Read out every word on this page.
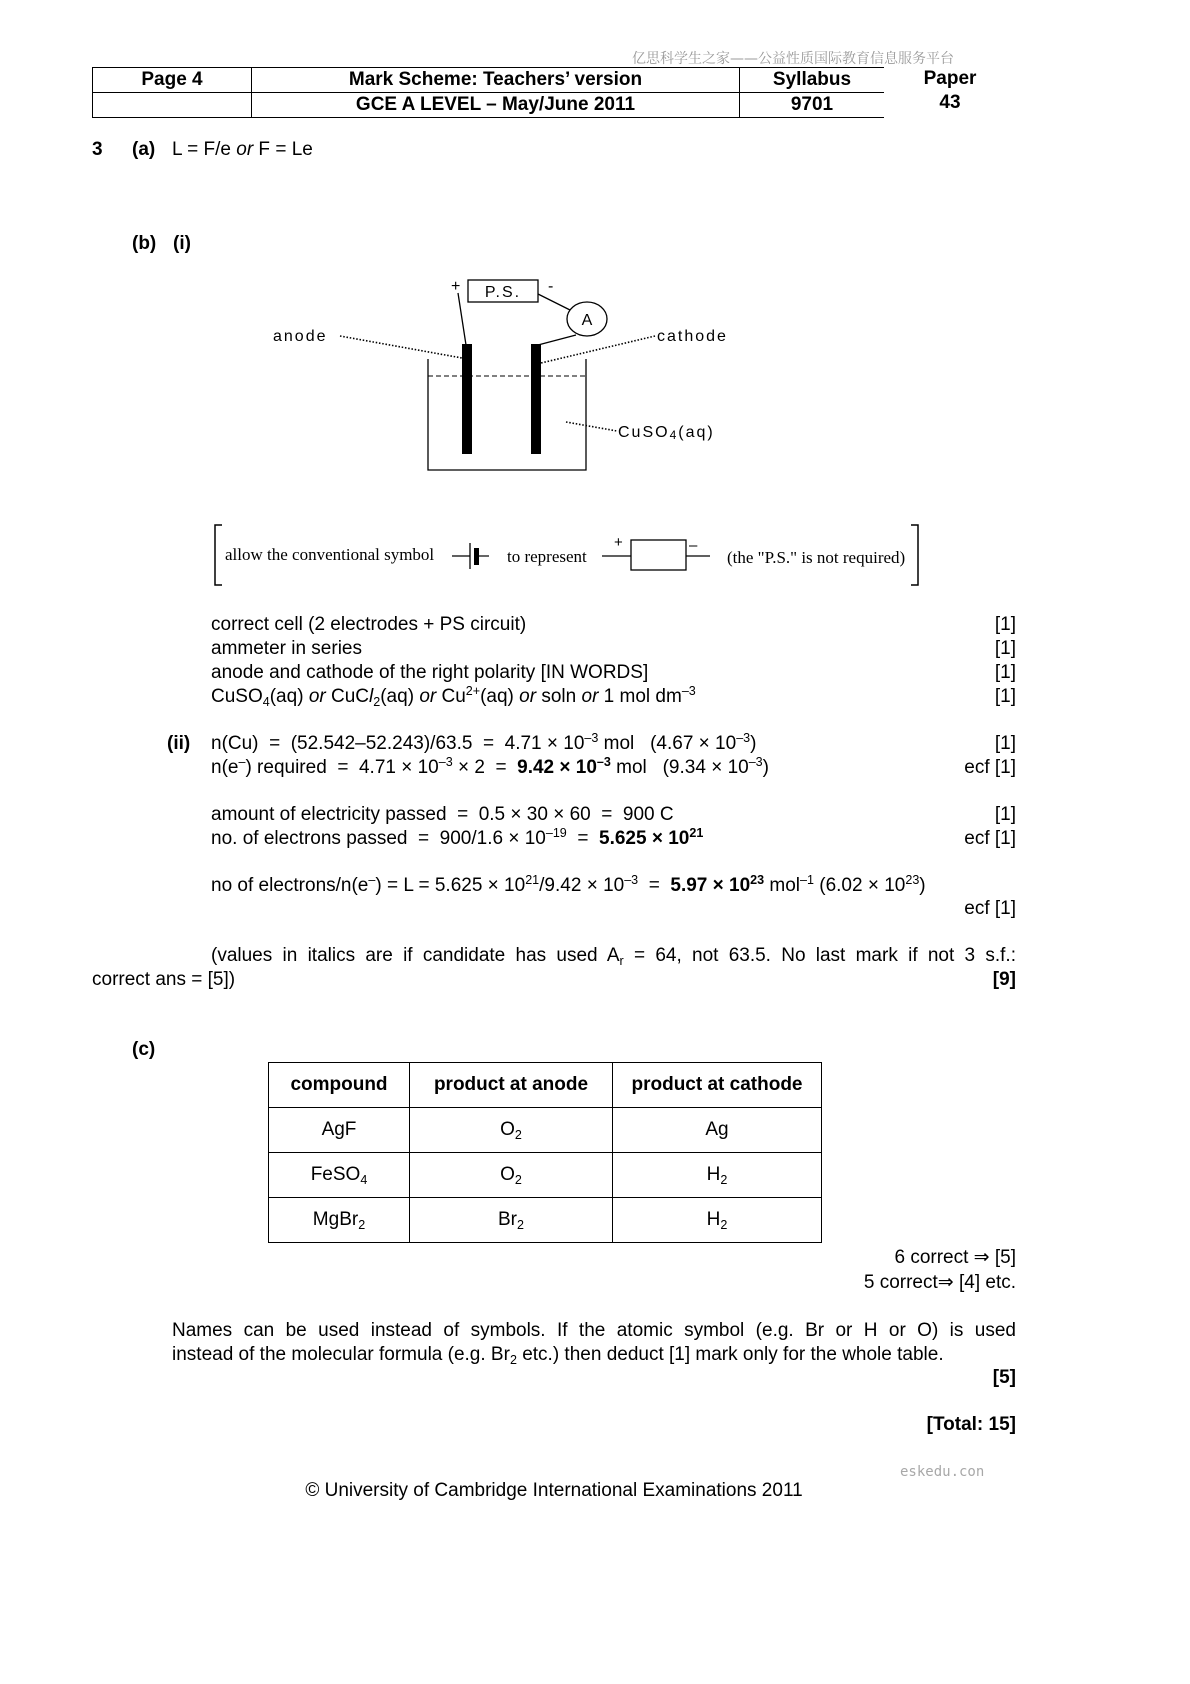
亿思科学生之家——公益性质国际教育信息服务平台
Page 4	Mark Scheme: Teachers’ version	Syllabus
GCE A LEVEL – May/June 2011	9701
Paper
43
3 (a) L = F/e or F = Le
(b) (i)
+ P.S. -
A
anode	cathode
CuSO4(aq)
allow the conventional symbol	to represent
+	–
(the "P.S." is not required)
correct cell (2 electrodes + PS circuit)	[1]
ammeter in series	[1]
anode and cathode of the right polarity [IN WORDS]	[1]
CuSO$_4$(aq) or CuCl$_2$(aq) or $Cu^{2+}(aq)$ or soln or 1 mol $dm^{-3}$	[1]
(ii) $n(Cu) = (52.542-52.243)/63.5 = 4.71 \times 10^{-3}$ mol   $(4.67 \times 10^{-3})$	[1]
n(e–) required  =  $4.71 \times 10^{-3} \times 2 = 9.42 \times 10^{-3}$ mol   $(9.34 \times 10^{-3})$	ecf [1]
amount of electricity passed  =  0.5 × 30 × 60  =  900 C	[1]
no. of electrons passed  =  $900/1.6 \times 10^{-19} = 5.625 \times 10^{21}$	ecf [1]
no of electrons/n(e–) = $L = 5.625 \times 10^{21}/9.42 \times 10^{-3} = 5.97 \times 10^{23}$ mol$^{-1}$ $(6.02 \times 10^{23})$
ecf [1]
(values in italics are if candidate has used $A_r = 64$, not 63.5. No last mark if not 3 s.f.:
correct ans = [5])	[9]
(c)
compound	product at anode	product at cathode
AgF	$O_2$	Ag
FeSO$_4$	$O_2$	$H_2$
MgBr$_2$	$Br_2$	$H_2$
6 correct ⇒ [5]
5 correct⇒ [4] etc.
Names can be used instead of symbols. If the atomic symbol (e.g. Br or H or O) is used
instead of the molecular formula (e.g. $Br_2$ etc.) then deduct [1] mark only for the whole table.
[5]
[Total: 15]
eskedu.con
© University of Cambridge International Examinations 2011
